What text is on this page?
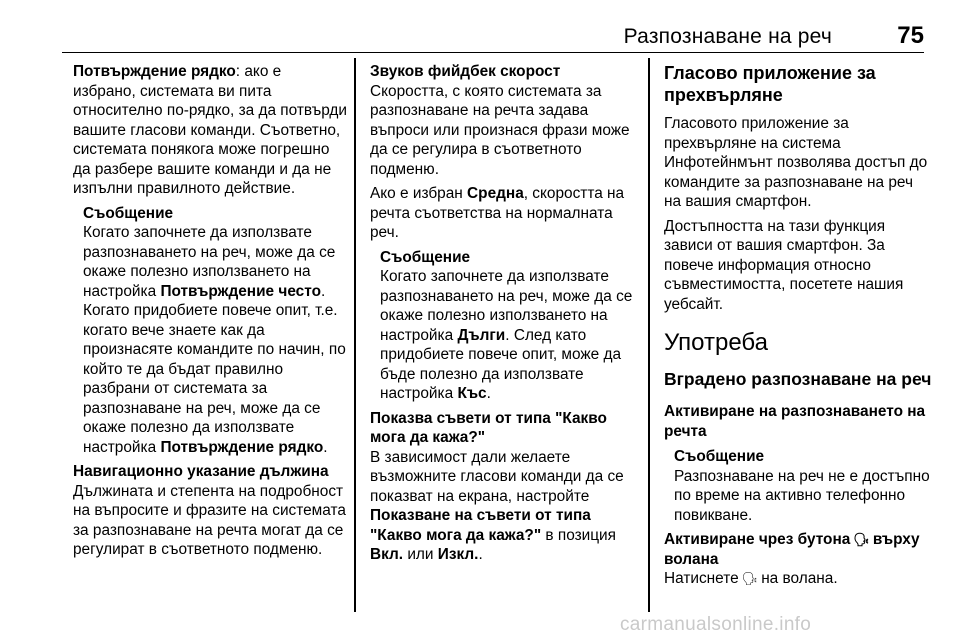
Разпознаване на реч	75

Потвърждение рядко: ако е избрано, системата ви пита относително по-рядко, за да потвърди вашите гласови команди. Съответно, системата понякога може погрешно да разбере вашите команди и да не изпълни правилното действие.

Съобщение
Когато започнете да използвате разпознаването на реч, може да се окаже полезно използването на настройка Потвърждение често.
Когато придобиете повече опит, т.е. когато вече знаете как да произнасяте командите по начин, по който те да бъдат правилно разбрани от системата за разпознаване на реч, може да се окаже полезно да използвате настройка Потвърждение рядко.
Навигационно указание дължина

Дължината и степента на подробност на въпросите и фразите на системата за разпознаване на речта могат да се регулират в съответното подменю.

Звуков фийдбек скорост

Скоростта, с която системата за разпознаване на речта задава въпроси или произнася фрази може да се регулира в съответното подменю.

Ако е избран Средна, скоростта на речта съответства на нормалната реч.

Съобщение
Когато започнете да използвате разпознаването на реч, може да се окаже полезно използването на настройка Дълги. След като придобиете повече опит, може да бъде полезно да използвате настройка Къс.
Показва съвети от типа "Какво мога да кажа?"

В зависимост дали желаете възможните гласови команди да се показват на екрана, настройте Показване на съвети от типа "Какво мога да кажа?" в позиция Вкл. или Изкл..

Гласово приложение за прехвърляне

Гласовото приложение за прехвърляне на система Инфотейнмънт позволява достъп до командите за разпознаване на реч на вашия смартфон.

Достъпността на тази функция зависи от вашия смартфон. За повече информация относно съвместимостта, посетете нашия уебсайт.

Употреба
Вградено разпознаване на реч
Активиране на разпознаването на речта
Съобщение
Разпознаване на реч не е достъпно по време на активно телефонно повикване.
Активиране чрез бутона 🗣︎ върху волана

Натиснете 🗣︎ на волана.

carmanualsonline.info
